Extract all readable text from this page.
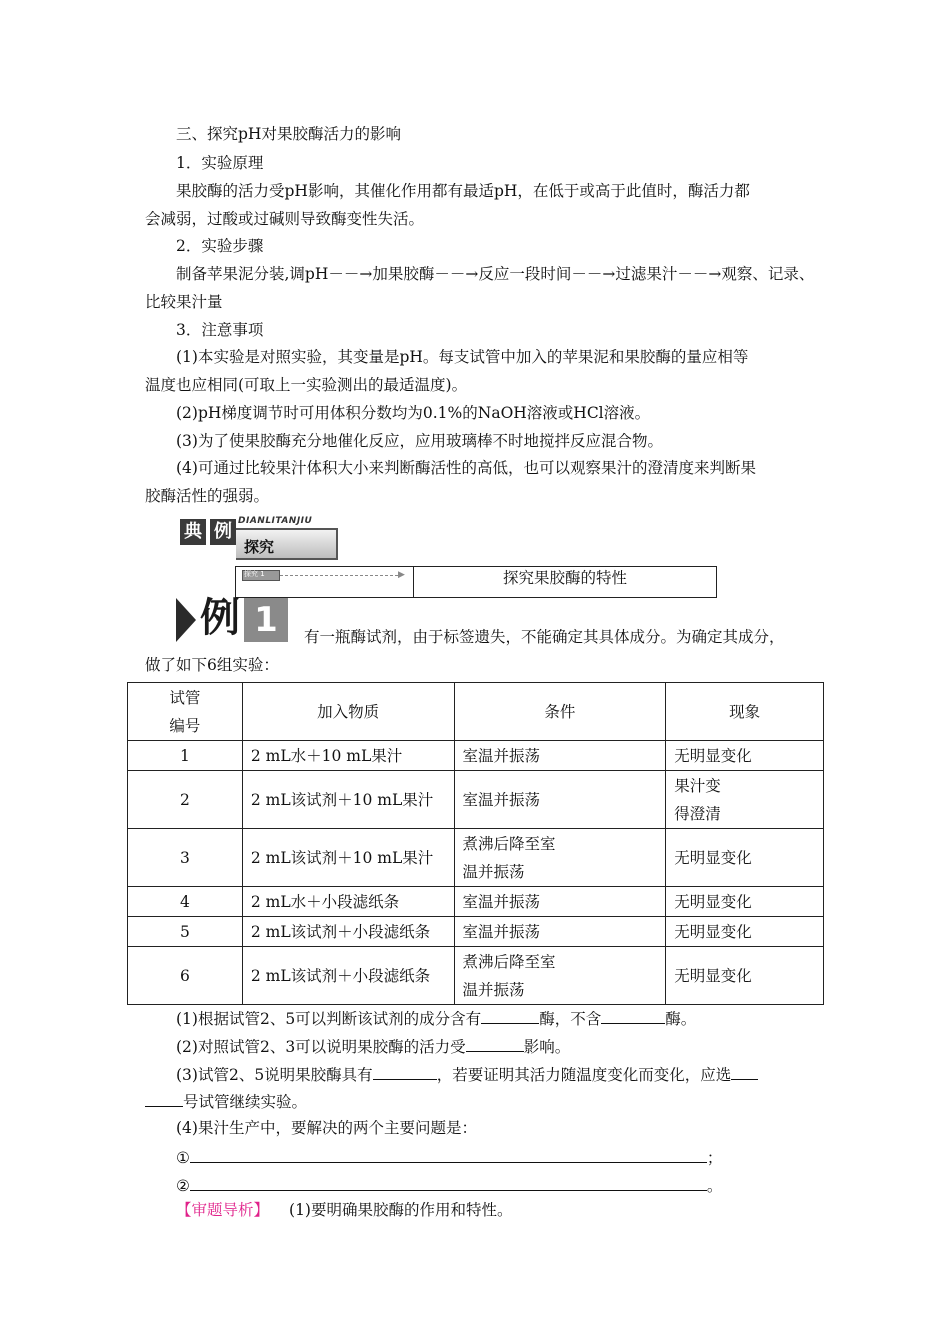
三、探究pH对果胶酶活力的影响
1．实验原理
果胶酶的活力受pH影响，其催化作用都有最适pH，在低于或高于此值时，酶活力都
会减弱，过酸或过碱则导致酶变性失活。
2．实验步骤
制备苹果泥分装,调pH－－→加果胶酶－－→反应一段时间－－→过滤果汁－－→观察、记录、
比较果汁量
3．注意事项
(1)本实验是对照实验，其变量是pH。每支试管中加入的苹果泥和果胶酶的量应相等
温度也应相同(可取上一实验测出的最适温度)。
(2)pH梯度调节时可用体积分数均为0.1%的NaOH溶液或HCl溶液。
(3)为了使果胶酶充分地催化反应，应用玻璃棒不时地搅拌反应混合物。
(4)可通过比较果汁体积大小来判断酶活性的高低，也可以观察果汁的澄清度来判断果
胶酶活性的强弱。
典 例 DIANLITANJIU
探究
探究 1	▶	探究果胶酶的特性
例 1	有一瓶酶试剂，由于标签遗失，不能确定其具体成分。为确定其成分，
做了如下6组实验：
试管
编号	加入物质	条件	现象
1	2 mL水＋10 mL果汁	室温并振荡	无明显变化
2	2 mL该试剂＋10 mL果汁	室温并振荡	果汁变
得澄清

3	2 mL该试剂＋10 mL果汁	煮沸后降至室
温并振荡	无明显变化
4	2 mL水＋小段滤纸条	室温并振荡	无明显变化
5	2 mL该试剂＋小段滤纸条	室温并振荡	无明显变化
6	2 mL该试剂＋小段滤纸条	煮沸后降至室
温并振荡	无明显变化
(1)根据试管2、5可以判断该试剂的成分含有	酶，不含	酶。
(2)对照试管2、3可以说明果胶酶的活力受	影响。
(3)试管2、5说明果胶酶具有	，若要证明其活力随温度变化而变化，应选
号试管继续实验。
(4)果汁生产中，要解决的两个主要问题是：
①	；
②	。
【审题导析】 (1)要明确果胶酶的作用和特性。
